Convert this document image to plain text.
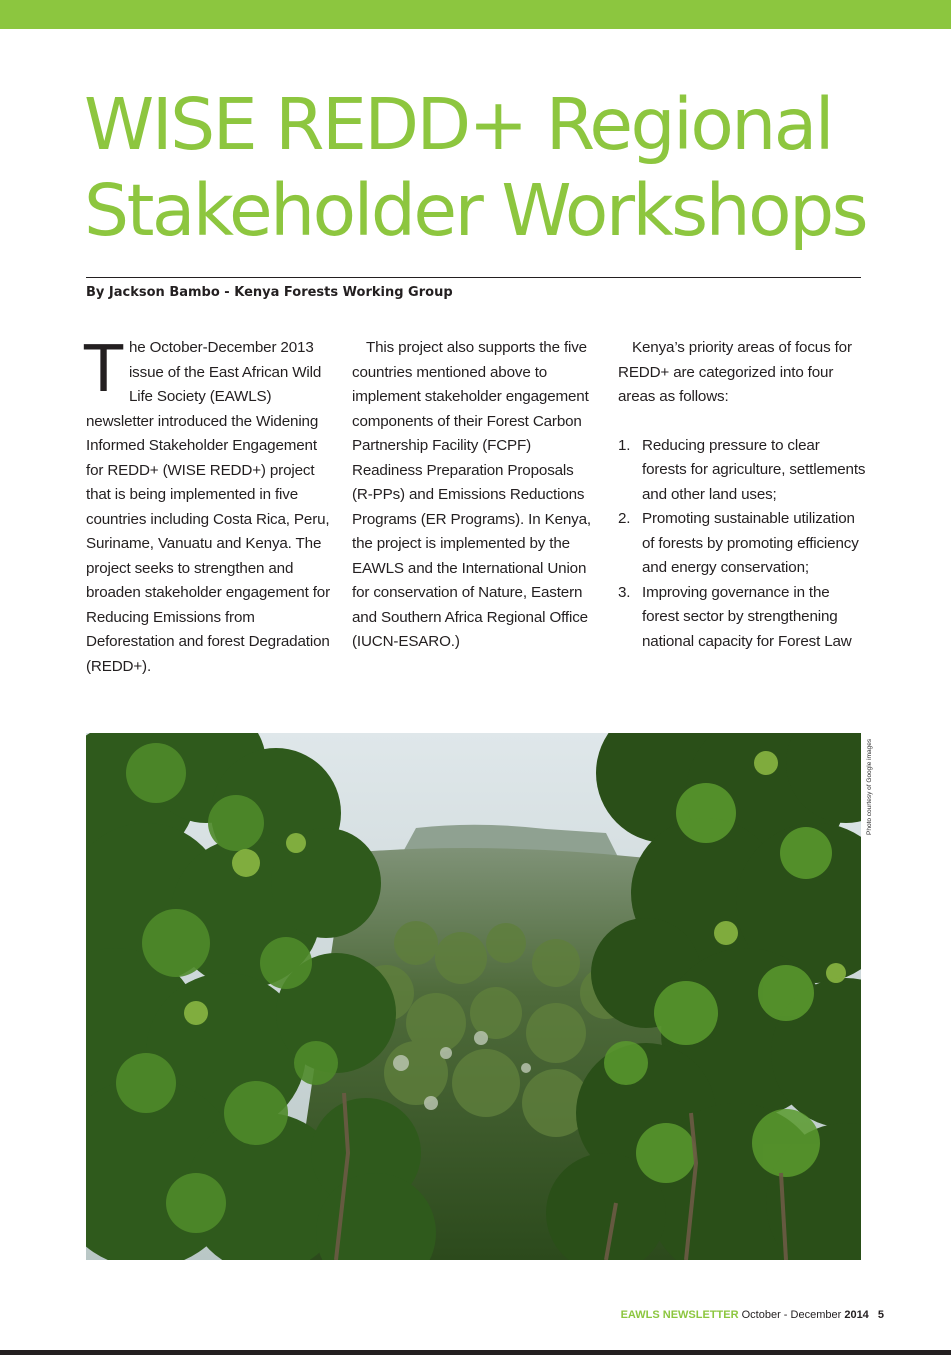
WISE REDD+ Regional
Stakeholder Workshops

By Jackson Bambo - Kenya Forests Working Group

The October-December 2013 issue of the East African Wild Life Society (EAWLS) newsletter introduced the Widening Informed Stakeholder Engagement for REDD+ (WISE REDD+) project that is being implemented in five countries including Costa Rica, Peru, Suriname, Vanuatu and Kenya. The project seeks to strengthen and broaden stakeholder engagement for Reducing Emissions from Deforestation and forest Degradation (REDD+).

This project also supports the five countries mentioned above to implement stakeholder engagement components of their Forest Carbon Partnership Facility (FCPF) Readiness Preparation Proposals (R-PPs) and Emissions Reductions Programs (ER Programs). In Kenya, the project is implemented by the EAWLS and the International Union for conservation of Nature, Eastern and Southern Africa Regional Office (IUCN-ESARO.)

Kenya’s priority areas of focus for REDD+ are categorized into four areas as follows:
1. Reducing pressure to clear forests for agriculture, settlements and other land uses;
2. Promoting sustainable utilization of forests by promoting efficiency and energy conservation;
3. Improving governance in the forest sector by strengthening national capacity for Forest Law

Photo courtesy of Google images

EAWLS NEWSLETTER October - December 2014 5
